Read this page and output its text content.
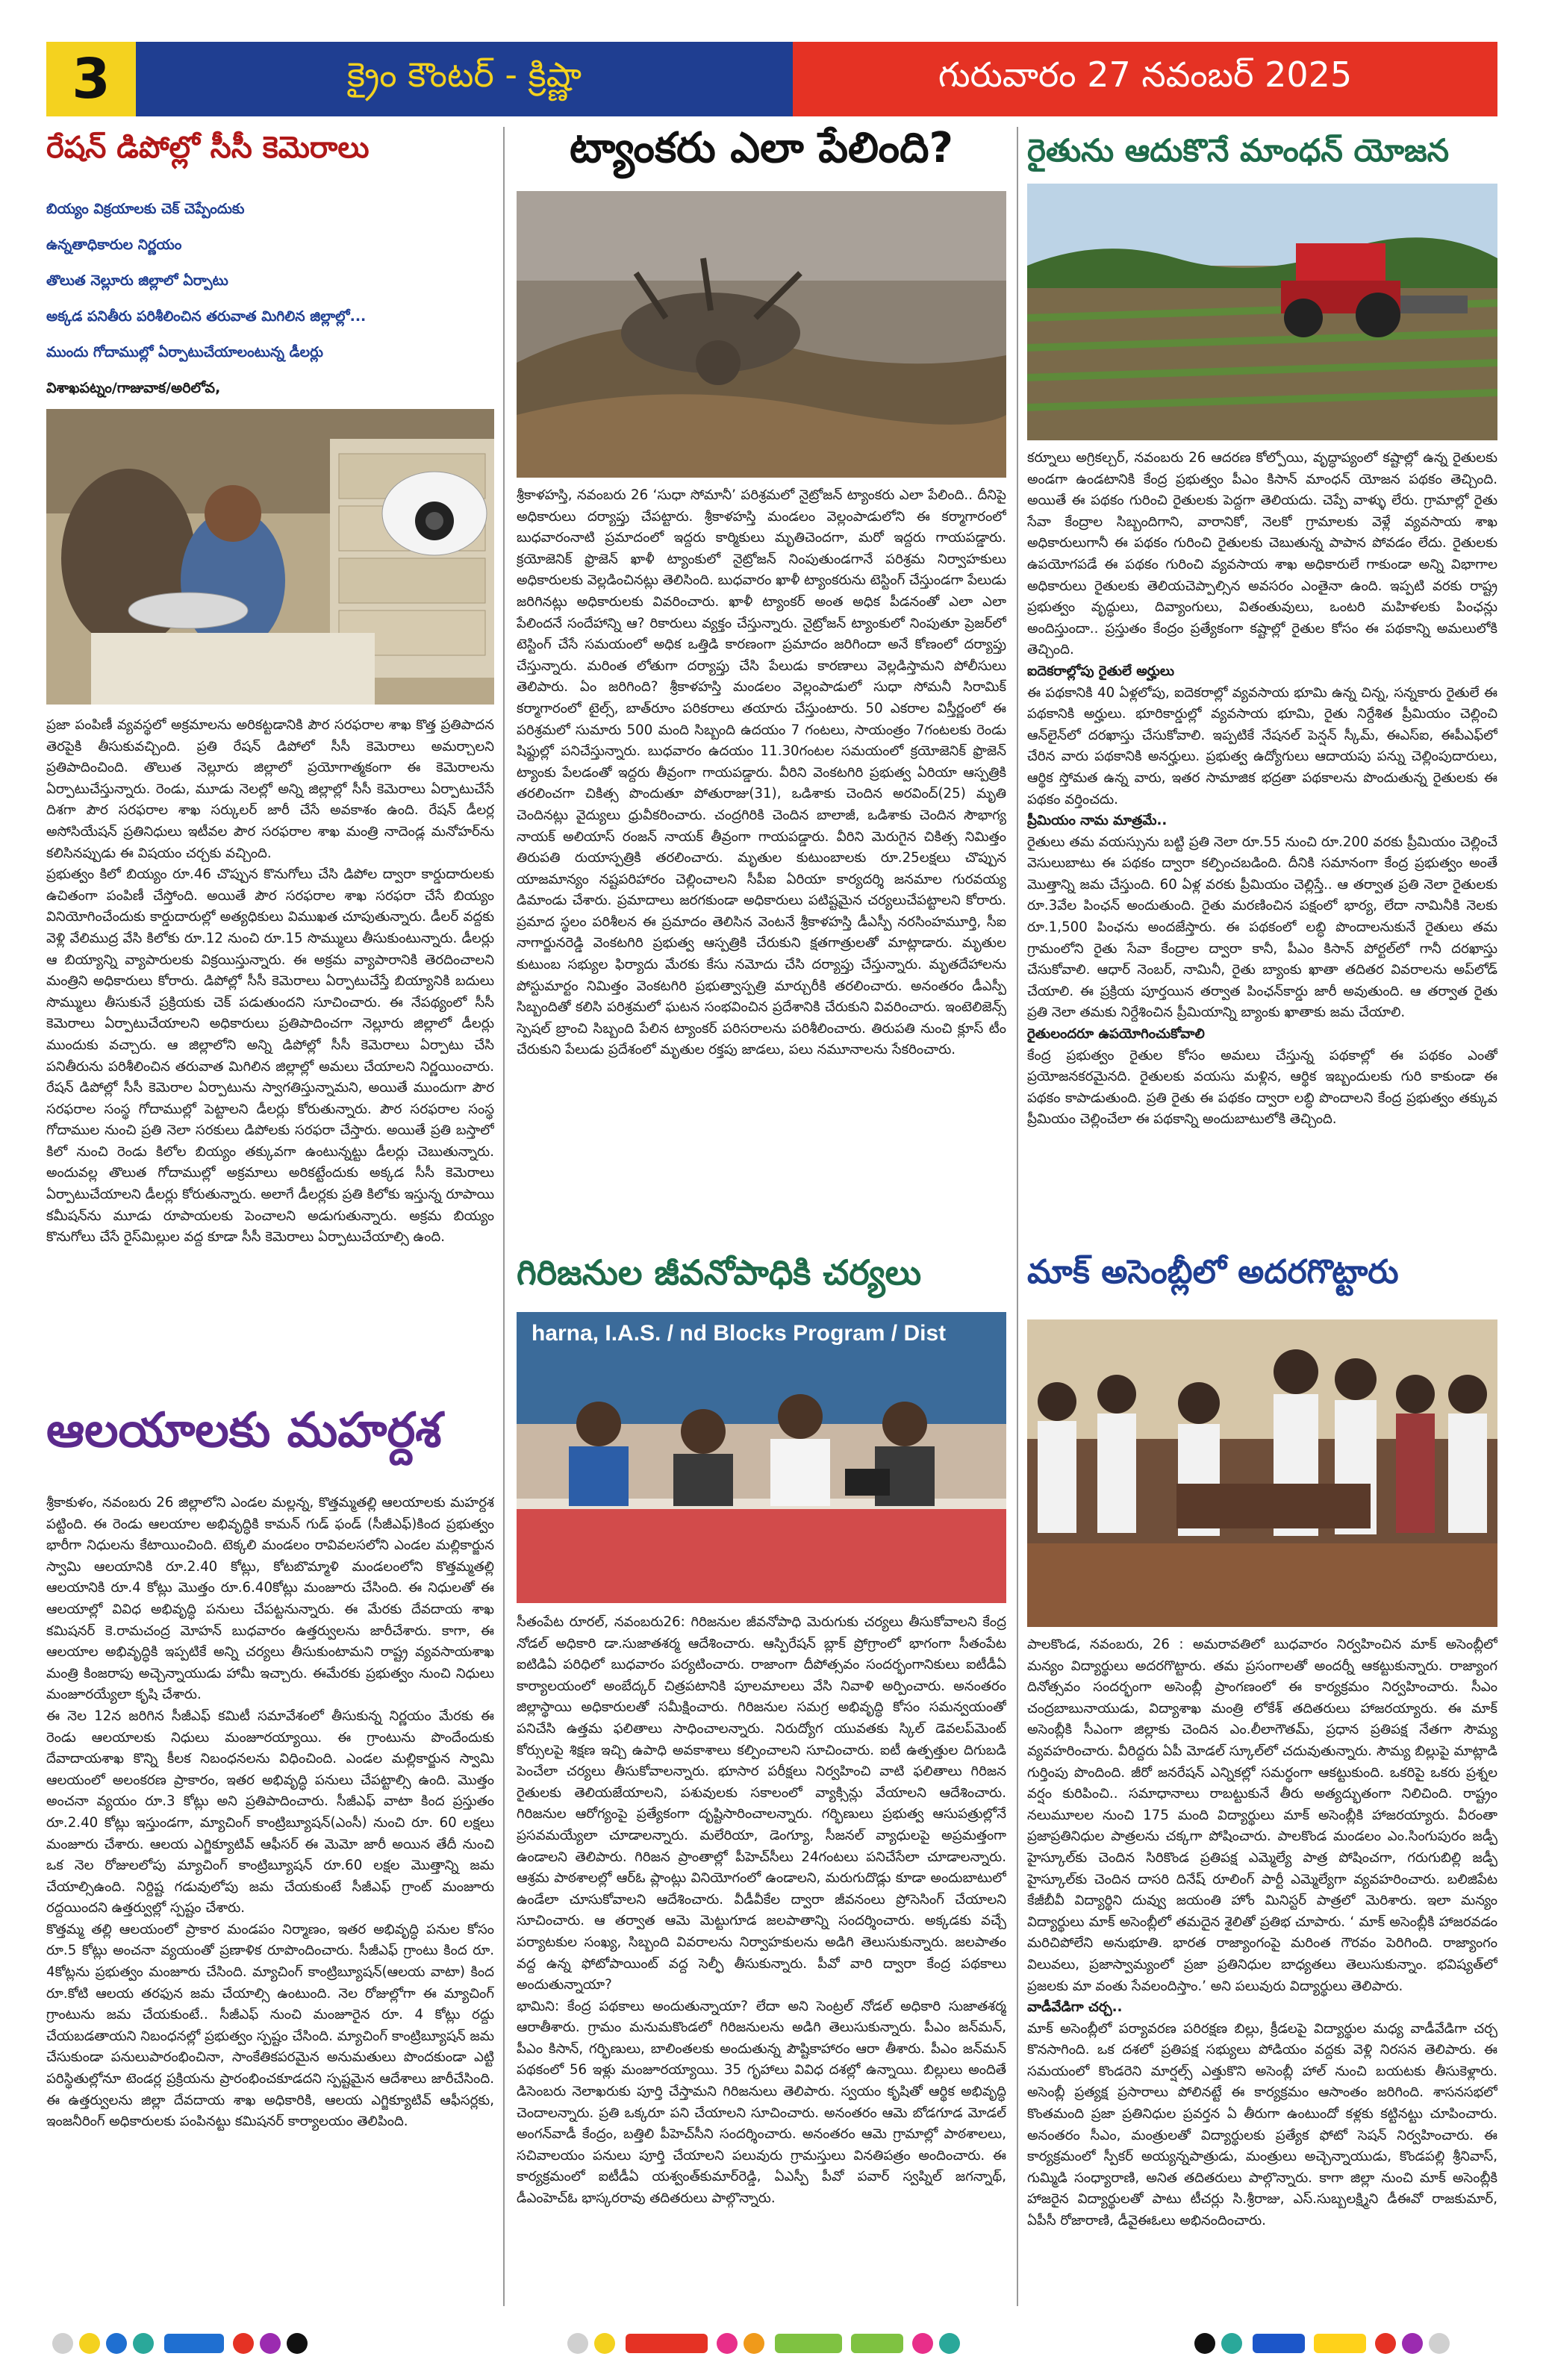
3	క్రైం కౌంటర్ - క్రిష్ణా	గురువారం 27 నవంబర్ 2025
రేషన్ డిపోల్లో సీసీ కెమెరాలు
బియ్యం విక్రయాలకు చెక్ చెప్పేందుకు
ఉన్నతాధికారుల నిర్ణయం
తొలుత నెల్లూరు జిల్లాలో ఏర్పాటు
అక్కడ పనితీరు పరిశీలించిన తరువాత మిగిలిన జిల్లాల్లో...
ముందు గోదాముల్లో ఏర్పాటుచేయాలంటున్న డీలర్లు
విశాఖపట్నం/గాజువాక/అరిలోవ,

ప్రజా పంపిణీ వ్యవస్థలో అక్రమాలను అరికట్టడానికి పౌర సరఫరాల శాఖ కొత్త ప్రతిపాదన తెరపైకి తీసుకువచ్చింది. ప్రతి రేషన్ డిపోలో సీసీ కెమెరాలు అమర్చాలని ప్రతిపాదించింది. తొలుత నెల్లూరు జిల్లాలో ప్రయోగాత్మకంగా ఈ కెమెరాలను ఏర్పాటుచేస్తున్నారు. రెండు, మూడు నెలల్లో అన్ని జిల్లాల్లో సీసీ కెమెరాలు ఏర్పాటుచేసే దిశగా పౌర సరఫరాల శాఖ సర్కులర్ జారీ చేసే అవకాశం ఉంది. రేషన్ డీలర్ల అసోసియేషన్ ప్రతినిధులు ఇటీవల పౌర సరఫరాల శాఖ మంత్రి నాదెండ్ల మనోహర్‌ను కలిసినప్పుడు ఈ విషయం చర్చకు వచ్చింది.

ప్రభుత్వం కిలో బియ్యం రూ.46 చొప్పున కొనుగోలు చేసి డిపోల ద్వారా కార్డుదారులకు ఉచితంగా పంపిణీ చేస్తోంది. అయితే పౌర సరఫరాల శాఖ సరఫరా చేసే బియ్యం వినియోగించేందుకు కార్డుదారుల్లో అత్యధికులు విముఖత చూపుతున్నారు. డీలర్ వద్దకు వెళ్లి వేలిముద్ర వేసి కిలోకు రూ.12 నుంచి రూ.15 సొమ్ములు తీసుకుంటున్నారు. డీలర్లు ఆ బియ్యాన్ని వ్యాపారులకు విక్రయిస్తున్నారు. ఈ అక్రమ వ్యాపారానికి తెరదించాలని మంత్రిని అధికారులు కోరారు. డిపోల్లో సీసీ కెమెరాలు ఏర్పాటుచేస్తే బియ్యానికి బదులు సొమ్ములు తీసుకునే ప్రక్రియకు చెక్ పడుతుందని సూచించారు. ఈ నేపథ్యంలో సీసీ కెమెరాలు ఏర్పాటుచేయాలని అధికారులు ప్రతిపాదించగా నెల్లూరు జిల్లాలో డీలర్లు ముందుకు వచ్చారు. ఆ జిల్లాలోని అన్ని డిపోల్లో సీసీ కెమెరాలు ఏర్పాటు చేసి పనితీరును పరిశీలించిన తరువాత మిగిలిన జిల్లాల్లో అమలు చేయాలని నిర్ణయించారు. రేషన్ డిపోల్లో సీసీ కెమెరాల ఏర్పాటును స్వాగతిస్తున్నామని, అయితే ముందుగా పౌర సరఫరాల సంస్థ గోదాముల్లో పెట్టాలని డీలర్లు కోరుతున్నారు. పౌర సరఫరాల సంస్థ గోదాముల నుంచి ప్రతి నెలా సరకులు డిపోలకు సరఫరా చేస్తారు. అయితే ప్రతి బస్తాలో కిలో నుంచి రెండు కిలోల బియ్యం తక్కువగా ఉంటున్నట్టు డీలర్లు చెబుతున్నారు. అందువల్ల తొలుత గోదాముల్లో అక్రమాలు అరికట్టేందుకు అక్కడ సీసీ కెమెరాలు ఏర్పాటుచేయాలని డీలర్లు కోరుతున్నారు. అలాగే డీలర్లకు ప్రతి కిలోకు ఇస్తున్న రూపాయి కమీషన్‌ను మూడు రూపాయలకు పెంచాలని అడుగుతున్నారు. అక్రమ బియ్యం కొనుగోలు చేసే రైస్‌మిల్లుల వద్ద కూడా సీసీ కెమెరాలు ఏర్పాటుచేయాల్సి ఉంది.

ఆలయాలకు మహర్దశ

శ్రీకాకుళం, నవంబరు 26 జిల్లాలోని ఎండల మల్లన్న, కొత్తమ్మతల్లి ఆలయాలకు మహర్దశ పట్టింది. ఈ రెండు ఆలయాల అభివృద్ధికి కామన్ గుడ్ ఫండ్ (సీజీఎఫ్)కింద ప్రభుత్వం భారీగా నిధులను కేటాయించింది. టెక్కలి మండలం రావివలసలోని ఎండల మల్లికార్జున స్వామి ఆలయానికి రూ.2.40 కోట్లు, కోటబొమ్మాళి మండలంలోని కొత్తమ్మతల్లి ఆలయానికి రూ.4 కోట్లు మొత్తం రూ.6.40కోట్లు మంజూరు చేసింది. ఈ నిధులతో ఈ ఆలయాల్లో వివిధ అభివృద్ధి పనులు చేపట్టనున్నారు. ఈ మేరకు దేవదాయ శాఖ కమిషనర్ కె.రామచంద్ర మోహన్ బుధవారం ఉత్తర్వులను జారీచేశారు. కాగా, ఈ ఆలయాల అభివృద్ధికి ఇప్పటికే అన్ని చర్యలు తీసుకుంటామని రాష్ట్ర వ్యవసాయశాఖ మంత్రి కింజరాపు అచ్చెన్నాయుడు హామీ ఇచ్చారు. ఈమేరకు ప్రభుత్వం నుంచి నిధులు మంజూరయ్యేలా కృషి చేశారు.

ఈ నెల 12న జరిగిన సీజీఎఫ్ కమిటీ సమావేశంలో తీసుకున్న నిర్ణయం మేరకు ఈ రెండు ఆలయాలకు నిధులు మంజూరయ్యాయి. ఈ గ్రాంటును పొందేందుకు దేవాదాయశాఖ కొన్ని కీలక నిబంధనలను విధించింది. ఎండల మల్లికార్జున స్వామి ఆలయంలో అలంకరణ ప్రాకారం, ఇతర అభివృద్ధి పనులు చేపట్టాల్సి ఉంది. మొత్తం అంచనా వ్యయం రూ.3 కోట్లు అని ప్రతిపాదించారు. సీజీఎఫ్ వాటా కింద ప్రస్తుతం రూ.2.40 కోట్లు ఇస్తుండగా, మ్యాచింగ్ కాంట్రిబ్యూషన్(ఎంసీ) నుంచి రూ. 60 లక్షలు మంజూరు చేశారు. ఆలయ ఎగ్జిక్యూటివ్ ఆఫీసర్ ఈ మెమో జారీ అయిన తేదీ నుంచి ఒక నెల రోజులలోపు మ్యాచింగ్ కాంట్రిబ్యూషన్ రూ.60 లక్షల మొత్తాన్ని జమ చేయాల్సిఉంది. నిర్దిష్ట గడువులోపు జమ చేయకుంటే సీజీఎఫ్ గ్రాంట్ మంజూరు రద్దయిందని ఉత్తర్వుల్లో స్పష్టం చేశారు.

కొత్తమ్మ తల్లి ఆలయంలో ప్రాకార మండపం నిర్మాణం, ఇతర అభివృద్ధి పనుల కోసం రూ.5 కోట్లు అంచనా వ్యయంతో ప్రణాళిక రూపొందించారు. సీజీఎఫ్ గ్రాంటు కింద రూ. 4కోట్లను ప్రభుత్వం మంజూరు చేసింది. మ్యాచింగ్ కాంట్రిబ్యూషన్(ఆలయ వాటా) కింద రూ.కోటి ఆలయ తరఫున జమ చేయాల్సి ఉంటుంది. నెల రోజుల్లోగా ఈ మ్యాచింగ్ గ్రాంటును జమ చేయకుంటే.. సీజీఎఫ్ నుంచి మంజూరైన రూ. 4 కోట్లు రద్దు చేయబడతాయని నిబంధనల్లో ప్రభుత్వం స్పష్టం చేసింది. మ్యాచింగ్ కాంట్రిబ్యూషన్ జమ చేసుకుండా పనులుపారంభించినా, సాంకేతికపరమైన అనుమతులు పొందకుండా ఎట్టి పరిస్థితుల్లోనూ టెండర్ల ప్రక్రియను ప్రారంభించకూడదని స్పష్టమైన ఆదేశాలు జారీచేసింది. ఈ ఉత్తర్వులను జిల్లా దేవదాయ శాఖ అధికారికి, ఆలయ ఎగ్జిక్యూటివ్ ఆఫీసర్లకు, ఇంజనీరింగ్ అధికారులకు పంపినట్టు కమిషనర్ కార్యాలయం తెలిపింది.

ట్యాంకరు ఎలా పేలింది?

శ్రీకాళహస్తి, నవంబరు 26 ‘సుధా సోమానీ’ పరిశ్రమలో నైట్రోజన్ ట్యాంకరు ఎలా పేలింది.. దీనిపై అధికారులు దర్యాప్తు చేపట్టారు. శ్రీకాళహస్తి మండలం వెల్లంపాడులోని ఈ కర్మాగారంలో బుధవారంనాటి ప్రమాదంలో ఇద్దరు కార్మికులు మృతిచెందగా, మరో ఇద్దరు గాయపడ్డారు. క్రయోజెనిక్ ఫ్రొజెన్ ఖాళీ ట్యాంకులో నైట్రోజన్ నింపుతుండగానే పరిశ్రమ నిర్వాహకులు అధికారులకు వెల్లడించినట్లు తెలిసింది. బుధవారం ఖాళీ ట్యాంకరును టెస్టింగ్ చేస్తుండగా పేలుడు జరిగినట్లు అధికారులకు వివరించారు. ఖాళీ ట్యాంకర్ అంత అధిక పీడనంతో ఎలా ఎలా పేలిందనే సందేహాన్ని ఆ? రికారులు వ్యక్తం చేస్తున్నారు. నైట్రోజన్ ట్యాంకులో నింపుతూ ప్రెజర్‌లో టెస్టింగ్ చేసే సమయంలో అధిక ఒత్తిడి కారణంగా ప్రమాదం జరిగిందా అనే కోణంలో దర్యాప్తు చేస్తున్నారు. మరింత లోతుగా దర్యాప్తు చేసి పేలుడు కారణాలు వెల్లడిస్తామని పోలీసులు తెలిపారు. ఏం జరిగింది? శ్రీకాళహస్తి మండలం వెల్లంపాడులో సుధా సోమనీ సిరామిక్ కర్మాగారంలో టైల్స్, బాత్‌రూం పరికరాలు తయారు చేస్తుంటారు. 50 ఎకరాల విస్తీర్ణంలో ఈ పరిశ్రమలో సుమారు 500 మంది సిబ్బంది ఉదయం 7 గంటలు, సాయంత్రం 7గంటలకు రెండు షిఫ్టుల్లో పనిచేస్తున్నారు. బుధవారం ఉదయం 11.30గంటల సమయంలో క్రయోజెనిక్ ఫ్రొజెన్ ట్యాంకు పేలడంతో ఇద్దరు తీవ్రంగా గాయపడ్డారు. వీరిని వెంకటగిరి ప్రభుత్వ ఏరియా ఆస్పత్రికి తరలించగా చికిత్స పొందుతూ పోతురాజు(31), ఒడిశాకు చెందిన అరవింద్‌(25) మృతి చెందినట్లు వైద్యులు ధ్రువీకరించారు. చంద్రగిరికి చెందిన బాలాజీ, ఒడిశాకు చెందిన సౌభాగ్య నాయక్ అలియాస్ రంజన్ నాయక్ తీవ్రంగా గాయపడ్డారు. వీరిని మెరుగైన చికిత్స నిమిత్తం తిరుపతి రుయాస్పత్రికి తరలించారు. మృతుల కుటుంబాలకు రూ.25లక్షలు చొప్పున యాజమాన్యం నష్టపరిహారం చెల్లించాలని సీపీఐ ఏరియా కార్యదర్శి జనమాల గురవయ్య డిమాండు చేశారు. ప్రమాదాలు జరగకుండా అధికారులు పటిష్టమైన చర్యలుచేపట్టాలని కోరారు. ప్రమాద స్థలం పరిశీలన ఈ ప్రమాదం తెలిసిన వెంటనే శ్రీకాళహస్తి డీఎస్పీ నరసింహమూర్తి, సీఐ నాగార్జునరెడ్డి వెంకటగిరి ప్రభుత్వ ఆస్పత్రికి చేరుకుని క్షతగాత్రులతో మాట్లాడారు. మృతుల కుటుంబ సభ్యుల ఫిర్యాదు మేరకు కేసు నమోదు చేసి దర్యాప్తు చేస్తున్నారు. మృతదేహాలను పోస్టుమార్టం నిమిత్తం వెంకటగిరి ప్రభుత్వాస్పత్రి మార్చురీకి తరలించారు. అనంతరం డీఎస్పీ సిబ్బందితో కలిసి పరిశ్రమలో ఘటన సంభవించిన ప్రదేశానికి చేరుకుని వివరించారు. ఇంటెలిజెన్స్ స్పెషల్ బ్రాంచి సిబ్బంది పేలిన ట్యాంకర్ పరిసరాలను పరిశీలించారు. తిరుపతి నుంచి క్లూస్ టీం చేరుకుని పేలుడు ప్రదేశంలో మృతుల రక్తపు జాడలు, పలు నమూనాలను సేకరించారు.

గిరిజనుల జీవనోపాధికి చర్యలు
harna, I.A.S. / nd Blocks Program / Dist

సీతంపేట రూరల్, నవంబరు26: గిరిజనుల జీవనోపాధి మెరుగుకు చర్యలు తీసుకోవాలని కేంద్ర నోడల్ అధికారి డా.సుజాతశర్మ ఆదేశించారు. ఆస్పిరేషన్ బ్లాక్ ప్రోగ్రాంలో భాగంగా సీతంపేట ఐటిడిఏ పరిధిలో బుధవారం పర్యటించారు. రాజాంగా దీపోత్సవం సందర్భంగానికులు ఐటీడీఏ కార్యాలయంలో అంబేద్కర్ చిత్రపటానికి పూలమాలలు వేసి నివాళి అర్పించారు. అనంతరం జిల్లాస్థాయి అధికారులతో సమీక్షించారు. గిరిజనుల సమగ్ర అభివృద్ధి కోసం సమన్వయంతో పనిచేసి ఉత్తమ ఫలితాలు సాధించాలన్నారు. నిరుద్యోగ యువతకు స్కిల్ డెవలప్‌మెంట్ కోర్సులపై శిక్షణ ఇచ్చి ఉపాధి అవకాశాలు కల్పించాలని సూచించారు. ఐటీ ఉత్పత్తుల దిగుబడి పెంచేలా చర్యలు తీసుకోవాలన్నారు. భూసార పరీక్షలు నిర్వహించి వాటి ఫలితాలు గిరిజన రైతులకు తెలియజేయాలని, పశువులకు సకాలంలో వ్యాక్సిన్లు వేయాలని ఆదేశించారు. గిరిజనుల ఆరోగ్యంపై ప్రత్యేకంగా దృష్టిసారించాలన్నారు. గర్భిణులు ప్రభుత్వ ఆసుపత్రుల్లోనే ప్రసవమయ్యేలా చూడాలన్నారు. మలేరియా, డెంగ్యూ, సీజనల్ వ్యాధులపై అప్రమత్తంగా ఉండాలని తెలిపారు. గిరిజన ప్రాంతాల్లో పీహెచ్‌సీలు 24గంటలు పనిచేసేలా చూడాలన్నారు. ఆశ్రమ పాఠశాలల్లో ఆర్‌ఓ ప్లాంట్లు వినియోగంలో ఉండాలని, మరుగుదొడ్లు కూడా అందుబాటులో ఉండేలా చూసుకోవాలని ఆదేశించారు. వీడీవీకేల ద్వారా జీవనంలు ప్రోసెసింగ్ చేయాలని సూచించారు. ఆ తర్వాత ఆమె మెట్టుగూడ జలపాతాన్ని సందర్శించారు. అక్కడకు వచ్చే పర్యాటకుల సంఖ్య, సిబ్బంది వివరాలను నిర్వాహకులను అడిగి తెలుసుకున్నారు. జలపాతం వద్ద ఉన్న ఫోటో‌పాయింట్ వద్ద సెల్ఫీ తీసుకున్నారు. పీవో వారి ద్వారా కేంద్ర పథకాలు అందుతున్నాయా?

భామిని: కేంద్ర పథకాలు అందుతున్నాయా? లేదా అని సెంట్రల్ నోడల్ అధికారి సుజాతశర్మ ఆరాతీశారు. గ్రామం మనుమకొండలో గిరిజనులను అడిగి తెలుసుకున్నారు. పీఎం జన్‌మన్, పీఎం కిసాన్, గర్భిణులు, బాలింతలకు అందుతున్న పౌష్టికాహారం ఆరా తీశారు. పీఎం జన్‌మన్ పథకంలో 56 ఇళ్లు మంజూరయ్యాయి. 35 గృహాలు వివిధ దశల్లో ఉన్నాయి. బిల్లులు అందితే డిసెంబరు నెలాఖరుకు పూర్తి చేస్తామని గిరిజనులు తెలిపారు. స్వయం కృషితో ఆర్థిక అభివృద్ధి చెందాలన్నారు. ప్రతి ఒక్కరూ పని చేయాలని సూచించారు. అనంతరం ఆమె బోడగూడ మోడల్ అంగన్‌వాడీ కేంద్రం, బత్తిలి పీహెచ్‌సీని సందర్శించారు. అనంతరం ఆమె గ్రామాల్లో పాఠశాలలు, సచివాలయం పనులు పూర్తి చేయాలని పలువురు గ్రామస్తులు వినతిపత్రం అందించారు. ఈ కార్యక్రమంలో ఐటీడీఏ యశ్వంత్‌కుమార్‌రెడ్డి, ఏఎస్పీ పీవో పవార్ స్వప్నిల్ జగన్నాథ్, డీఎంహెచ్‌ఓ భాస్కరరావు తదితరులు పాల్గొన్నారు.

రైతును ఆదుకొనే మాంధన్ యోజన

కర్నూలు అగ్రికల్చర్, నవంబరు 26 ఆదరణ కోల్పోయి, వృద్ధాప్యంలో కష్టాల్లో ఉన్న రైతులకు అండగా ఉండటానికి కేంద్ర ప్రభుత్వం పీఎం కిసాన్ మాంధన్ యోజన పథకం తెచ్చింది. అయితే ఈ పథకం గురించి రైతులకు పెద్దగా తెలియదు. చెప్పే వాళ్ళు లేరు. గ్రామాల్లో రైతు సేవా కేంద్రాల సిబ్బందిగాని, వారానికో, నెలకో గ్రామాలకు వెళ్లే వ్యవసాయ శాఖ అధికారులుగానీ ఈ పథకం గురించి రైతులకు చెబుతున్న పాపాన పోవడం లేదు. రైతులకు ఉపయోగపడే ఈ పథకం గురించి వ్యవసాయ శాఖ అధికారులే గాకుండా అన్ని విభాగాల అధికారులు రైతులకు తెలియచెప్పాల్సిన అవసరం ఎంతైనా ఉంది. ఇప్పటి వరకు రాష్ట్ర ప్రభుత్వం వృద్ధులు, దివ్యాంగులు, వితంతువులు, ఒంటరి మహిళలకు పింఛన్లు అందిస్తుందా.. ప్రస్తుతం కేంద్రం ప్రత్యేకంగా కష్టాల్లో రైతుల కోసం ఈ పథకాన్ని అమలులోకి తెచ్చింది.

ఐదెకరాల్లోపు రైతులే అర్హులు

ఈ పథకానికి 40 ఏళ్లలోపు, ఐదెకరాల్లో వ్యవసాయ భూమి ఉన్న చిన్న, సన్నకారు రైతులే ఈ పథకానికి అర్హులు. భూరికార్డుల్లో వ్యవసాయ భూమి, రైతు నిర్దేశిత ప్రీమియం చెల్లించి ఆన్‌లైన్‌లో దరఖాస్తు చేసుకోవాలి. ఇప్పటికే నేషనల్ పెన్షన్ స్కీమ్, ఈఎస్ఐ, ఈపీఎఫ్‌లో చేరిన వారు పథకానికి అనర్హులు. ప్రభుత్వ ఉద్యోగులు ఆదాయపు పన్ను చెల్లింపుదారులు, ఆర్థిక స్తోమత ఉన్న వారు, ఇతర సామాజిక భద్రతా పథకాలను పొందుతున్న రైతులకు ఈ పథకం వర్తించదు.

ప్రీమియం నామ మాత్రమే..

రైతులు తమ వయస్సును బట్టి ప్రతి నెలా రూ.55 నుంచి రూ.200 వరకు ప్రీమియం చెల్లించే వెసులుబాటు ఈ పథకం ద్వారా కల్పించబడింది. దీనికి సమానంగా కేంద్ర ప్రభుత్వం అంతే మొత్తాన్ని జమ చేస్తుంది. 60 ఏళ్ల వరకు ప్రీమియం చెల్లిస్తే.. ఆ తర్వాత ప్రతి నెలా రైతులకు రూ.3వేల పింఛన్ అందుతుంది. రైతు మరణించిన పక్షంలో భార్య, లేదా నామినీకి నెలకు రూ.1,500 పింఛను అందజేస్తారు. ఈ పథకంలో లబ్ధి పొందాలనుకునే రైతులు తమ గ్రామంలోని రైతు సేవా కేంద్రాల ద్వారా కానీ, పీఎం కిసాన్ పోర్టల్‌లో గానీ దరఖాస్తు చేసుకోవాలి. ఆధార్ నెంబర్, నామినీ, రైతు బ్యాంకు ఖాతా తదితర వివరాలను అప్‌లోడ్ చేయాలి. ఈ ప్రక్రియ పూర్తయిన తర్వాత పింఛన్‌కార్డు జారీ అవుతుంది. ఆ తర్వాత రైతు ప్రతి నెలా తమకు నిర్దేశించిన ప్రీమియాన్ని బ్యాంకు ఖాతాకు జమ చేయాలి.

రైతులందరూ ఉపయోగించుకోవాలి

కేంద్ర ప్రభుత్వం రైతుల కోసం అమలు చేస్తున్న పథకాల్లో ఈ పథకం ఎంతో ప్రయోజనకరమైనది. రైతులకు వయసు మళ్లిన, ఆర్థిక ఇబ్బందులకు గురి కాకుండా ఈ పథకం కాపాడుతుంది. ప్రతి రైతు ఈ పథకం ద్వారా లబ్ధి పొందాలని కేంద్ర ప్రభుత్వం తక్కువ ప్రీమియం చెల్లించేలా ఈ పథకాన్ని అందుబాటులోకి తెచ్చింది.

మాక్ అసెంబ్లీలో అదరగొట్టారు

పాలకొండ, నవంబరు, 26 : అమరావతిలో బుధవారం నిర్వహించిన మాక్ అసెంబ్లీలో మన్యం విద్యార్థులు అదరగొట్టారు. తమ ప్రసంగాలతో అందర్నీ ఆకట్టుకున్నారు. రాజ్యాంగ దినోత్సవం సందర్భంగా అసెంబ్లీ ప్రాంగణంలో ఈ కార్యక్రమం నిర్వహించారు. సీఎం చంద్రబాబునాయుడు, విద్యాశాఖ మంత్రి లోకేశ్ తదితరులు హాజరయ్యారు. ఈ మాక్ అసెంబ్లీకి సీఎంగా జిల్లాకు చెందిన ఎం.లీలాగౌతమ్, ప్రధాన ప్రతిపక్ష నేతగా సౌమ్య వ్యవహరించారు. వీరిద్దరు ఏపీ మోడల్ స్కూల్‌లో చదువుతున్నారు. సౌమ్య బిల్లుపై మాట్లాడి గుర్తింపు పొందింది. జీరో జనరేషన్ ఎన్నికల్లో సమర్థంగా ఆకట్టుకుంది. ఒకరిపై ఒకరు ప్రశ్నల వర్షం కురిపించి.. సమాధానాలు రాబట్టుకునే తీరు అత్యద్భుతంగా నిలిచింది. రాష్ట్రం నలుమూలల నుంచి 175 మంది విద్యార్థులు మాక్ అసెంబ్లీకి హాజరయ్యారు. వీరంతా ప్రజాప్రతినిధుల పాత్రలను చక్కగా పోషించారు. పాలకొండ మండలం ఎం.సింగుపురం జడ్పీ హైస్కూల్‌కు చెందిన సిరికొండ ప్రతిపక్ష ఎమ్మెల్యే పాత్ర పోషించగా, గరుగుబిల్లి జడ్పీ హైస్కూల్‌కు చెందిన దాసరి దినేష్ రూలింగ్ పార్టీ ఎమ్మెల్యేగా వ్యవహరించారు. బలిజిపేట కేజీబీవీ విద్యార్థిని దువ్వు జయంతి హోం మినిస్టర్ పాత్రలో మెరిశారు. ఇలా మన్యం విద్యార్థులు మాక్ అసెంబ్లీలో తమదైన శైలితో ప్రతిభ చూపారు. ‘ మాక్ అసెంబ్లీకి హాజరవడం మరిచిపోలేని అనుభూతి. భారత రాజ్యాంగంపై మరింత గౌరవం పెరిగింది. రాజ్యాంగం విలువలు, ప్రజాస్వామ్యంలో ప్రజా ప్రతినిధుల బాధ్యతలు తెలుసుకున్నాం. భవిష్యత్‌లో ప్రజలకు మా వంతు సేవలందిస్తాం.’ అని పలువురు విద్యార్థులు తెలిపారు.

వాడీవేడిగా చర్చ..

మాక్ అసెంబ్లీలో పర్యావరణ పరిరక్షణ బిల్లు, క్రీడలపై విద్యార్థుల మధ్య వాడీవేడిగా చర్చ కొనసాగింది. ఒక దశలో ప్రతిపక్ష సభ్యులు పోడియం వద్దకు వెళ్లి నిరసన తెలిపారు. ఈ సమయంలో కొండరెని మార్షల్స్ ఎత్తుకొని అసెంబ్లీ హాల్ నుంచి బయటకు తీసుకెళ్లారు. అసెంబ్లీ ప్రత్యక్ష ప్రసారాలు పోలినట్టే ఈ కార్యక్రమం ఆసాంతం జరిగింది. శాసనసభలో కొంతమంది ప్రజా ప్రతినిధుల ప్రవర్తన ఏ తీరుగా ఉంటుందో కళ్లకు కట్టినట్టు చూపించారు. అనంతరం సీఎం, మంత్రులతో విద్యార్థులకు ప్రత్యేక ఫోటో సెషన్ నిర్వహించారు. ఈ కార్యక్రమంలో స్పీకర్ అయ్యన్నపాత్రుడు, మంత్రులు అచ్చెన్నాయుడు, కొండపల్లి శ్రీనివాస్, గుమ్మిడి సంధ్యారాణి, అనిత తదితరులు పాల్గొన్నారు. కాగా జిల్లా నుంచి మాక్ అసెంబ్లీకి హాజరైన విద్యార్థులతో పాటు టీచర్లు సి.శ్రీరాజు, ఎస్.సుబ్బలక్ష్మిని డీఈవో రాజకుమార్, ఏపీసీ రోజారాణి, డీవైఈఓలు అభినందించారు.
